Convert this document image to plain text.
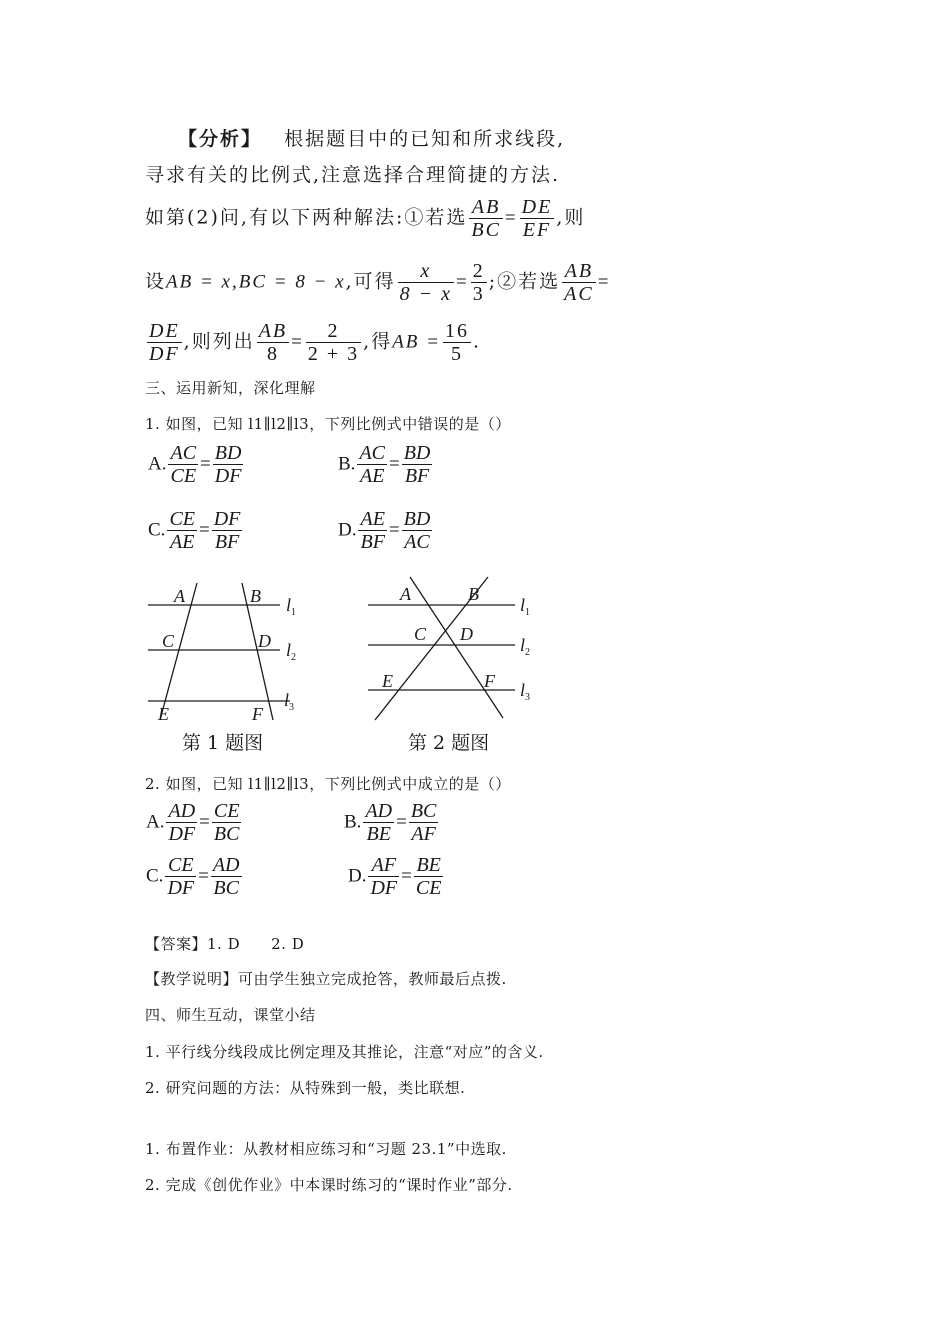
【分析】 根据题目中的已知和所求线段,
寻求有关的比例式,注意选择合理简捷的方法.
如第(2)问,有以下两种解法:①若选 $\frac{AB}{BC} = \frac{DE}{EF}$ ,则
设AB = x,BC = 8 − x,可得 $\frac{x}{8 - x} = \frac{2}{3}$ ;②若选 $\frac{AB}{AC}$ =
$\frac{DE}{DF}$ ,则列出 $\frac{AB}{8} = \frac{2}{2 + 3}$ ,得AB = $\frac{16}{5}$ .
三、运用新知，深化理解
1. 如图，已知 l1∥l2∥l3，下列比例式中错误的是（）
A. $\frac{AC}{CE} = \frac{BD}{DF}$	B. $\frac{AC}{AE} = \frac{BD}{BF}$
C. $\frac{CE}{AE} = \frac{DF}{BF}$	D. $\frac{AE}{BF} = \frac{BD}{AC}$
A	B
C	D
E	F
$l_1$
$l_2$
$l_3$
第 1 题图
A	B
C D
E	F
$l_1$
$l_2$
$l_3$
第 2 题图
2. 如图，已知 l1∥l2∥l3，下列比例式中成立的是（）
A. $\frac{AD}{DF} = \frac{CE}{BC}$	B. $\frac{AD}{BE} = \frac{BC}{AF}$
C. $\frac{CE}{DF} = \frac{AD}{BC}$	D. $\frac{AF}{DF} = \frac{BE}{CE}$
【答案】1. D　　2. D
【教学说明】可由学生独立完成抢答，教师最后点拨.
四、师生互动，课堂小结
1. 平行线分线段成比例定理及其推论，注意“对应”的含义.
2. 研究问题的方法：从特殊到一般，类比联想.
1. 布置作业：从教材相应练习和“习题 23.1”中选取.
2. 完成《创优作业》中本课时练习的“课时作业”部分.
